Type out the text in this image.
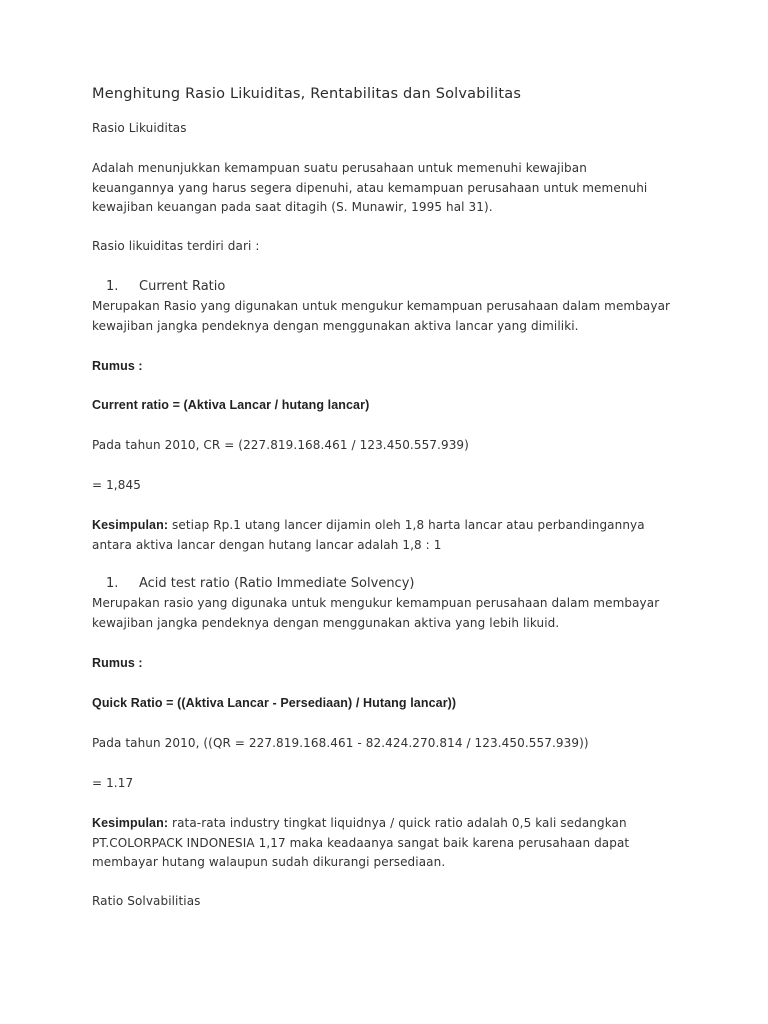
Menghitung Rasio Likuiditas, Rentabilitas dan Solvabilitas
Rasio Likuiditas
Adalah menunjukkan kemampuan suatu perusahaan untuk memenuhi kewajiban
keuangannya yang harus segera dipenuhi, atau kemampuan perusahaan untuk memenuhi
kewajiban keuangan pada saat ditagih (S. Munawir, 1995 hal 31).
Rasio likuiditas terdiri dari :
1. Current Ratio
Merupakan Rasio yang digunakan untuk mengukur kemampuan perusahaan dalam membayar
kewajiban jangka pendeknya dengan menggunakan aktiva lancar yang dimiliki.
Rumus :
Current ratio = (Aktiva Lancar / hutang lancar)
Pada tahun 2010, CR = (227.819.168.461 / 123.450.557.939)
= 1,845
Kesimpulan: setiap Rp.1 utang lancer dijamin oleh 1,8 harta lancar atau perbandingannya
antara aktiva lancar dengan hutang lancar adalah 1,8 : 1
1. Acid test ratio (Ratio Immediate Solvency)
Merupakan rasio yang digunaka untuk mengukur kemampuan perusahaan dalam membayar
kewajiban jangka pendeknya dengan menggunakan aktiva yang lebih likuid.
Rumus :
Quick Ratio = ((Aktiva Lancar - Persediaan) / Hutang lancar))
Pada tahun 2010, ((QR = 227.819.168.461 - 82.424.270.814 / 123.450.557.939))
= 1.17
Kesimpulan: rata-rata industry tingkat liquidnya / quick ratio adalah 0,5 kali sedangkan
PT.COLORPACK INDONESIA 1,17 maka keadaanya sangat baik karena perusahaan dapat
membayar hutang walaupun sudah dikurangi persediaan.
Ratio Solvabilitias
